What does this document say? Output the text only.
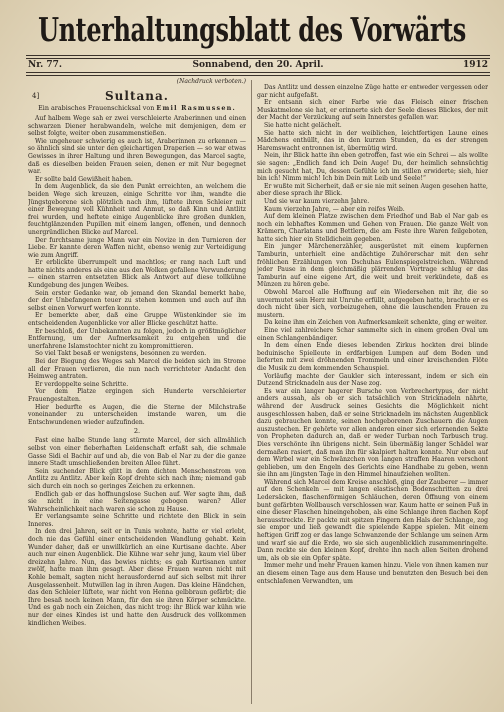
Unterhaltungsblatt des Vorwärts
Nr. 77.	Sonnabend, den 20. April.	1912
(Nachdruck verboten.)
4]	Sultana.
Ein arabisches Frauenschicksal von Emil Rasmussen.

Auf halbem Wege sah er zwei verschleierte Araberinnen und einen schwarzen Diener herabwandeln, welche mit demjenigen, dem er selbst folgte, weiter oben zusammenstießen.

Wie ungeheuer schwierig es auch ist, Araberinnen zu erkennen — so ähnlich sind sie unter den gleichartigen Draperien — so war etwas Gewisses in ihrer Haltung und ihren Bewegungen, das Marcel sagte, daß es dieselben beiden Frauen seien, denen er mit Nur begegnet war.

Er sollte bald Gewißheit haben.

In dem Augenblick, da sie den Punkt erreichten, an welchem die beiden Wege sich kreuzen, einige Schritte vor ihm, wandte die Jüngstgeborene sich plötzlich nach ihm, lüftete ihren Schleier mit einer Bewegung voll Kühnheit und Anmut, so daß Kinn und Antlitz frei wurden, und heftete einige Augenblicke ihre großen dunklen, feuchtglänzenden Pupillen mit einem langen, offenen, und dennoch unergründlichen Blicke auf Marcel.

Der furchtsame junge Mann war ein Novize in den Turnieren der Liebe. Er kannte deren Waffen nicht, ebenso wenig zur Verteidigung wie zum Angriff.

Er erblickte überrumpelt und machtlos; er rang nach Luft und hatte nichts anderes als eine aus den Wolken gefallene Verwunderung — einen starren entsetzten Blick als Antwort auf diese tollkühne Kundgebung des jungen Weibes.

Sein erster Gedanke war, ob jemand den Skandal bemerkt habe, der der Unbefangenen teuer zu stehen kommen und auch auf ihn selbst einen Vorwurf werfen konnte.

Er bemerkte aber, daß eine Gruppe Wüstenkinder sie im entscheidenden Augenblicke vor aller Blicke geschützt hatte.

Er beschloß, der Unbekannten zu folgen, jedoch in größtmöglicher Entfernung, um der Aufmerksamkeit zu entgehen und die unerfahrene Islamstochter nicht zu kompromittieren.

So viel Takt besaß er wenigstens, besonnen zu werden.

Bei der Biegung des Weges sah Marcel die beiden sich im Strome all der Frauen verlieren, die nun nach verrichteter Andacht den Heimweg antraten.

Er verdoppelte seine Schritte.

Vor dem Platze ergingen sich Hunderte verschleierter Frauengestalten.

Hier bedurfte es Augen, die die Sterne der Milchstraße voneinander zu unterscheiden imstande waren, um die Entschwundenen wieder aufzufinden.

2.

Fast eine halbe Stunde lang stürmte Marcel, der sich allmählich selbst von einer fieberhaften Leidenschaft erfaßt sah, die schmale Gasse Sidi el Bachir auf und ab, die von Bab el Nar zu der die ganze innere Stadt umschließenden breiten Allee führt.

Sein suchender Blick glitt in dem dichten Menschenstrom von Antlitz zu Antlitz. Aber kein Kopf drehte sich nach ihm; niemand gab sich durch ein noch so geringes Zeichen zu erkennen.

Endlich gab er das hoffnungslose Suchen auf. Wer sagte ihm, daß sie nicht in eine Seitengasse gebogen waren? Aller Wahrscheinlichkeit nach waren sie schon zu Hause.

Er verlangsamte seine Schritte und richtete den Blick in sein Inneres.

In den drei Jahren, seit er in Tunis wohnte, hatte er viel erlebt, doch nie das Gefühl einer entscheidenden Wandlung gehabt. Kein Wunder daher, daß er unwillkürlich an eine Kurtisane dachte. Aber auch nur einen Augenblick. Die Kühne war sehr jung, kaum viel über dreizehn Jahre. Nun, das bewies nichts; es gab Kurtisanen unter zwölf, hatte man ihm gesagt. Aber diese Frauen waren nicht mit Kohle bemalt, sagten nicht herausfordernd auf sich selbst mit ihrer Ausgelassenheit. Mutwillen lag in ihren Augen. Das kleine Händchen, das den Schleier lüftete, war nicht von Henna gelbbraun gefärbt; die Ihre besaß noch keinen Mann, für den sie ihren Körper schmückte. Und es gab noch ein Zeichen, das nicht trog: ihr Blick war kühn wie nur der eines Kindes ist und hatte den Ausdruck des vollkommen kindlichen Weibes.

Das Antlitz und dessen einzelne Züge hatte er entweder vergessen oder gar nicht aufgefaßt.

Er entsann sich einer Farbe wie das Fleisch einer frischen Muskatmelone sie hat, er erinnerte sich der Seele dieses Blickes, der mit der Macht der Verzückung auf sein Innerstes gefallen war.

Sie hatte nicht gelächelt.

Sie hatte sich nicht in der weiblichen, leichtfertigen Laune eines Mädchens enthüllt, das in den kurzen Stunden, da es der strengen Haremswacht entronnen ist, übermütig wird.

Nein, ihr Blick hatte ihn eben getroffen, fast wie ein Schrei — als wollte sie sagen: „Endlich fand ich Dein Auge! Du, der heimlich sehnsüchtig mich gesucht hat, Du, dessen Gefühle ich im stillen erwiderte; sieh, hier bin ich! Nimm mich! Ich bin Dein mit Leib und Seele!“

Er wußte mit Sicherheit, daß er sie nie mit seinen Augen gesehen hatte, aber diese sprach ihr Blick.

Und sie war kaum vierzehn Jahre.

Kaum vierzehn Jahre, — aber ein reifes Weib.

Auf dem kleinen Platze zwischen dem Friedhof und Bab el Nar gab es noch ein lebhaftes Kommen und Gehen von Frauen. Die ganze Welt von Krämern, Charlatans und Bettlern, die am Feste ihre Waren feilgeboten, hatte sich hier ein Stelldichein gegeben.

Ein junger Märchenerzähler, ausgerüstet mit einem kupfernen Tamburin, unterhielt eine andächtige Zuhörerschar mit den sehr fröhlichen Erzählungen von Dschuhas Eulenspiegelstreichen. Während jeder Pause in dem gleichmäßig plärrenden Vortrage schlug er das Tamburin auf eine eigene Art, die weit und breit verkündete, daß es Münzen zu hören gebe.

Obwohl Marcel alle Hoffnung auf ein Wiedersehen mit ihr, die so unvermutet sein Herz mit Unruhe erfüllt, aufgegeben hatte, brachte er es doch nicht über sich, vorbeizugehen, ohne die lauschenden Frauen zu mustern.

Da keine ihm ein Zeichen von Aufmerksamkeit schenkte, ging er weiter.

Eine viel zahlreichere Schar sammelte sich in einem großen Oval um einen Schlangenbändiger.

In dem einen Ende dieses lebenden Zirkus hockten drei blinde beduinische Spielleute in erdfarbigen Lumpen auf dem Boden und lieferten mit zwei dröhnenden Trommeln und einer kreischenden Flöte die Musik zu dem kommenden Schauspiel.

Vorläufig machte der Gaukler sich interessant, indem er sich ein Dutzend Stricknadeln aus der Nase zog.

Es war ein langer hagerer Bursche von Verbrechertypus, der nicht anders aussah, als ob er sich tatsächlich von Stricknadeln nährte, während der Ausdruck seines Gesichts die Möglichkeit nicht ausgeschlossen haben, daß er seine Stricknadeln im nächsten Augenblick dazu gebrauchen konnte, seinen hochgeborenen Zuschauern die Augen auszustechen. Er gehörte vor allen anderen einer sich erlernenden Sekte von Propheten dadurch an, daß er weder Turban noch Tarbusch trug. Dies verschönte ihn übrigens nicht. Sein übermäßig langer Schädel war dermaßen rasiert, daß man ihn für skalpiert halten konnte. Nur oben auf dem Wirbel war ein Schwänzchen von langen straffen Haaren verschont geblieben, um den Engeln des Gerichts eine Handhabe zu geben, wenn sie ihn am jüngsten Tage in den Himmel hinaufziehen wollten.

Während sich Marcel dem Kreise anschloß, ging der Zauberer — immer auf den Schenkeln — mit langen elastischen Bodenschritten zu drei Ledersäcken, flaschenförmigen Schläuchen, deren Öffnung von einem bunt gefärbten Wollbausch verschlossen war. Kaum hatte er seinen Fuß in eine dieser Flaschen hineingehoben, als eine Schlange ihren flachen Kopf herausstreckte. Er packte mit spitzen Fingern den Hals der Schlange, zog sie empor und ließ gewandt die spielende Kappe spielen. Mit einem heftigen Griff zog er das lange Schwanzende der Schlange um seinen Arm und warf sie auf die Erde, wo sie sich augenblicklich zusammenringelte. Dann reckte sie den kleinen Kopf, drehte ihn nach allen Seiten drohend um, als ob sie ein Opfer späte.

Immer mehr und mehr Frauen kamen hinzu. Viele von ihnen kamen nur an diesem einen Tage aus dem Hause und benutzten den Besuch bei den entschlafenen Verwandten, um
